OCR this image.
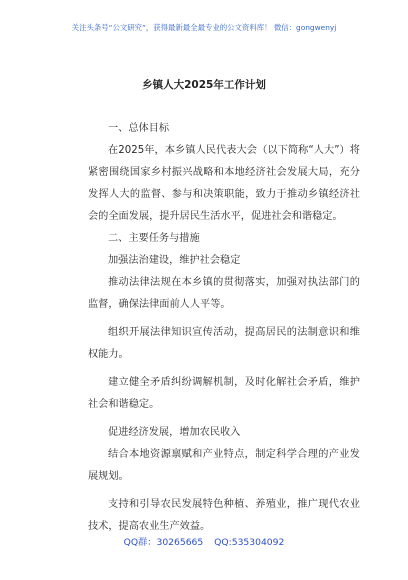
关注头条号“公文研究”，获得最新最全最专业的公文资料库！ 微信：gongwenyj
乡镇人大2025年工作计划

一、总体目标

在2025年，本乡镇人民代表大会（以下简称“人大”）将紧密围绕国家乡村振兴战略和本地经济社会发展大局，充分发挥人大的监督、参与和决策职能，致力于推动乡镇经济社会的全面发展，提升居民生活水平，促进社会和谐稳定。

二、主要任务与措施

加强法治建设，维护社会稳定

推动法律法规在本乡镇的贯彻落实，加强对执法部门的监督，确保法律面前人人平等。

组织开展法律知识宣传活动，提高居民的法制意识和维权能力。

建立健全矛盾纠纷调解机制，及时化解社会矛盾，维护社会和谐稳定。

促进经济发展，增加农民收入

结合本地资源禀赋和产业特点，制定科学合理的产业发展规划。

支持和引导农民发展特色种植、养殖业，推广现代农业技术，提高农业生产效益。

QQ群：30265665 QQ:535304092
